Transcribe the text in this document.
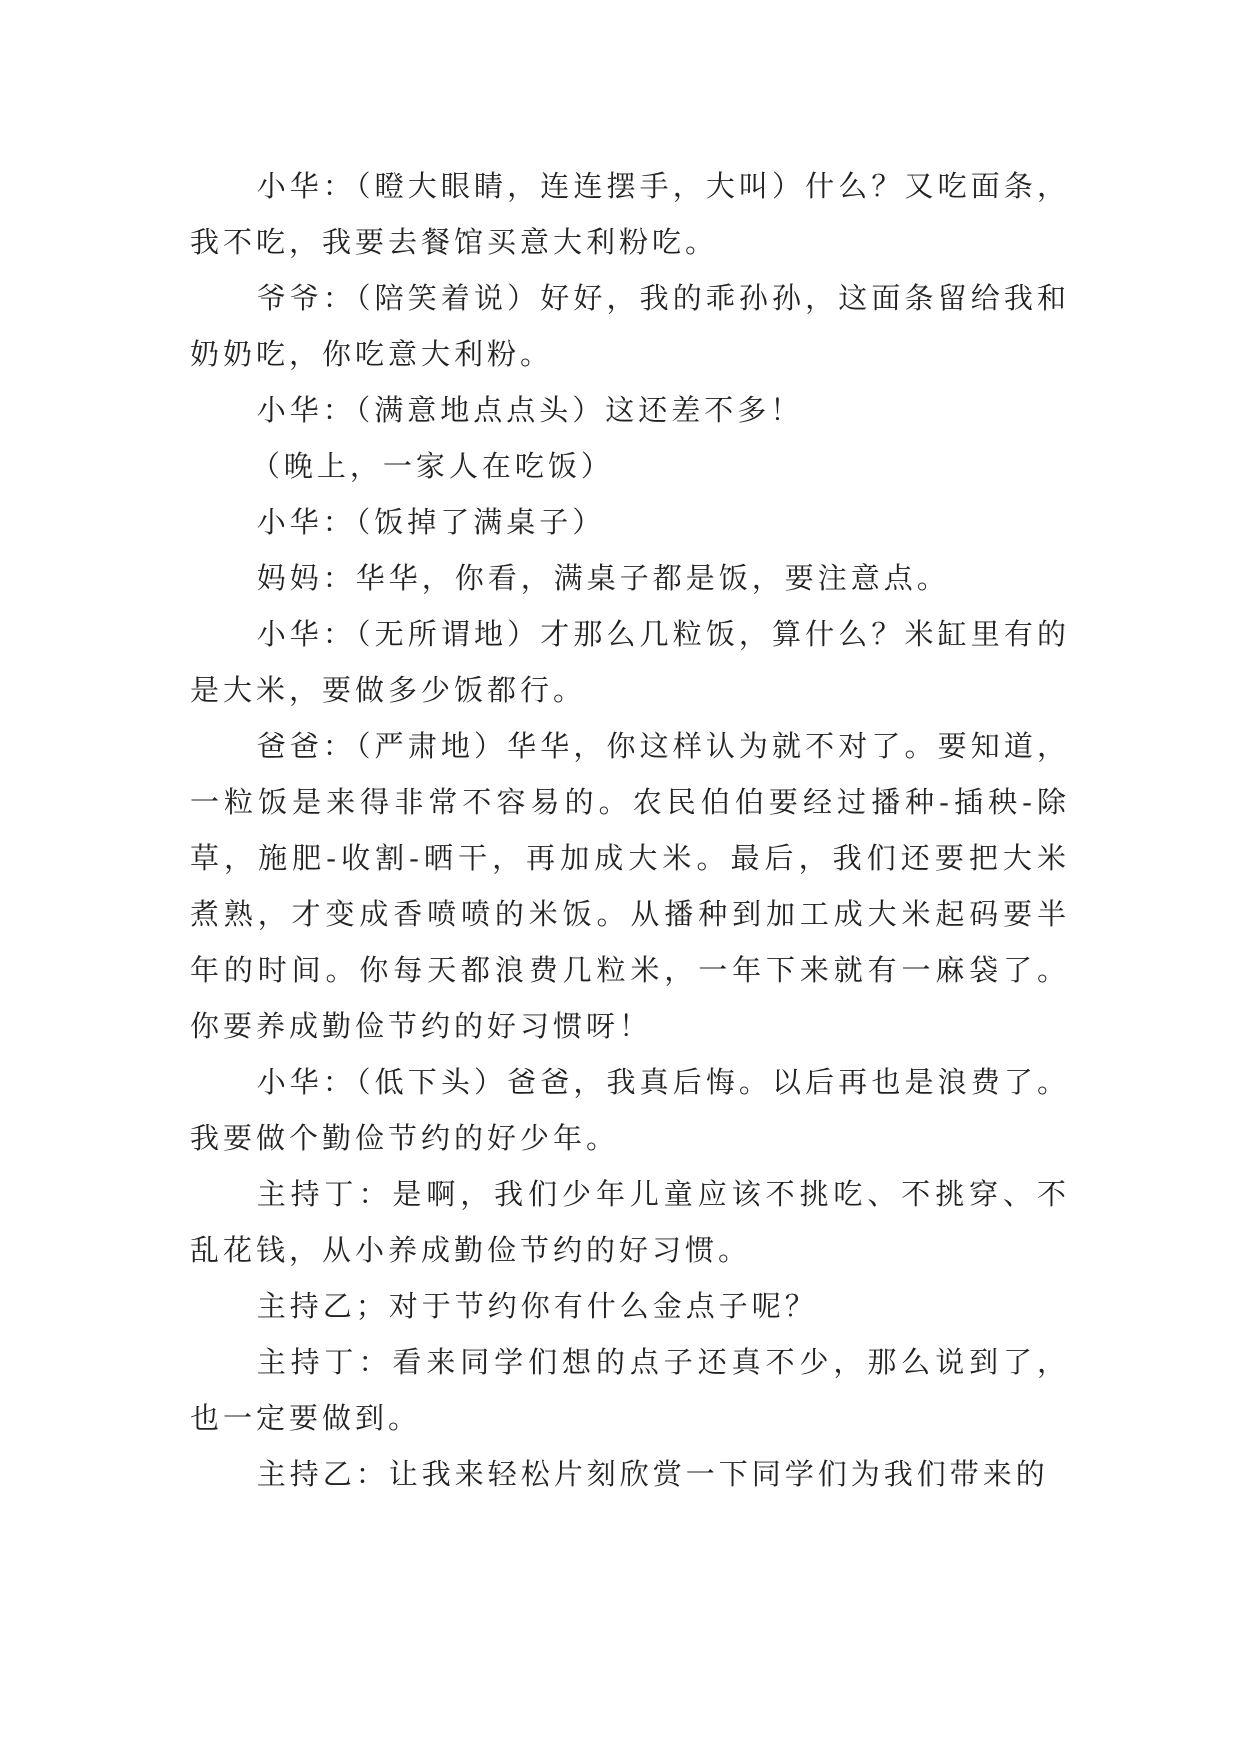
小华：（瞪大眼睛，连连摆手，大叫）什么？又吃面条，我不吃，我要去餐馆买意大利粉吃。

爷爷：（陪笑着说）好好，我的乖孙孙，这面条留给我和奶奶吃，你吃意大利粉。

小华：（满意地点点头）这还差不多！

（晚上，一家人在吃饭）

小华：（饭掉了满桌子）

妈妈：华华，你看，满桌子都是饭，要注意点。

小华：（无所谓地）才那么几粒饭，算什么？米缸里有的是大米，要做多少饭都行。

爸爸：（严肃地）华华，你这样认为就不对了。要知道，一粒饭是来得非常不容易的。农民伯伯要经过播种-插秧-除草，施肥-收割-晒干，再加成大米。最后，我们还要把大米煮熟，才变成香喷喷的米饭。从播种到加工成大米起码要半年的时间。你每天都浪费几粒米，一年下来就有一麻袋了。你要养成勤俭节约的好习惯呀！

小华：（低下头）爸爸，我真后悔。以后再也是浪费了。我要做个勤俭节约的好少年。

主持丁：是啊，我们少年儿童应该不挑吃、不挑穿、不乱花钱，从小养成勤俭节约的好习惯。

主持乙；对于节约你有什么金点子呢？

主持丁：看来同学们想的点子还真不少，那么说到了，也一定要做到。

主持乙：让我来轻松片刻欣赏一下同学们为我们带来的
